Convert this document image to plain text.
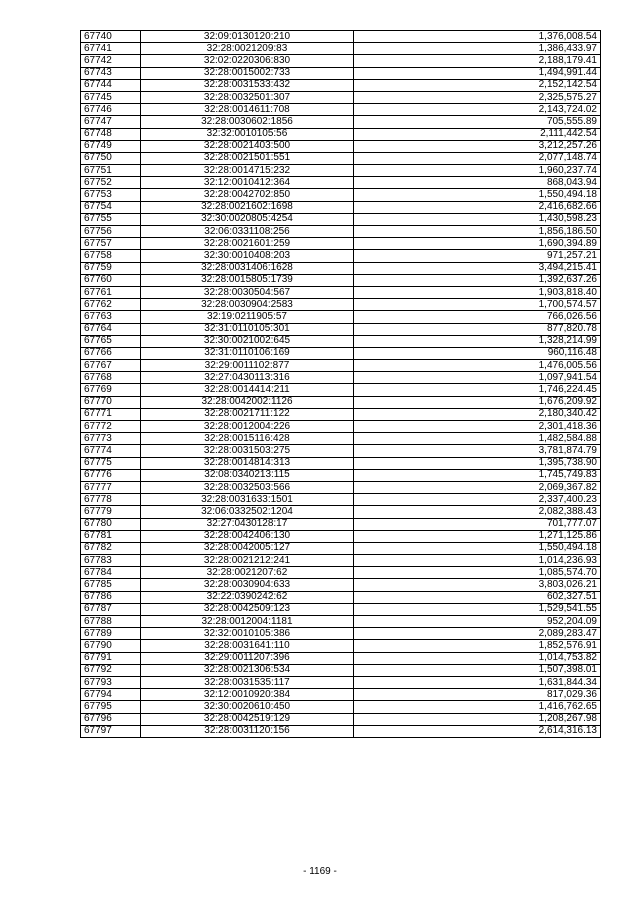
67740	32:09:0130120:210	1,376,008.54
67741	32:28:0021209:83	1,386,433.97
67742	32:02:0220306:830	2,188,179.41
67743	32:28:0015002:733	1,494,991.44
67744	32:28:0031533:432	2,152,142.54
67745	32:28:0032501:307	2,325,575.27
67746	32:28:0014611:708	2,143,724.02
67747	32:28:0030602:1856	705,555.89
67748	32:32:0010105:56	2,111,442.54
67749	32:28:0021403:500	3,212,257.26
67750	32:28:0021501:551	2,077,148.74
67751	32:28:0014715:232	1,960,237.74
67752	32:12:0010412:364	868,043.94
67753	32:28:0042702:850	1,550,494.18
67754	32:28:0021602:1698	2,416,682.66
67755	32:30:0020805:4254	1,430,598.23
67756	32:06:0331108:256	1,856,186.50
67757	32:28:0021601:259	1,690,394.89
67758	32:30:0010408:203	971,257.21
67759	32:28:0031406:1628	3,494,215.41
67760	32:28:0015805:1739	1,392,637.26
67761	32:28:0030504:567	1,903,818.40
67762	32:28:0030904:2583	1,700,574.57
67763	32:19:0211905:57	766,026.56
67764	32:31:0110105:301	877,820.78
67765	32:30:0021002:645	1,328,214.99
67766	32:31:0110106:169	960,116.48
67767	32:29:0011102:877	1,476,005.56
67768	32:27:0430113:316	1,097,941.54
67769	32:28:0014414:211	1,746,224.45
67770	32:28:0042002:1126	1,676,209.92
67771	32:28:0021711:122	2,180,340.42
67772	32:28:0012004:226	2,301,418.36
67773	32:28:0015116:428	1,482,584.88
67774	32:28:0031503:275	3,781,874.79
67775	32:28:0014814:313	1,395,738.90
67776	32:08:0340213:115	1,745,749.83
67777	32:28:0032503:566	2,069,367.82
67778	32:28:0031633:1501	2,337,400.23
67779	32:06:0332502:1204	2,082,388.43
67780	32:27:0430128:17	701,777.07
67781	32:28:0042406:130	1,271,125.86
67782	32:28:0042005:127	1,550,494.18
67783	32:28:0021212:241	1,014,236.93
67784	32:28:0021207:62	1,085,574.70
67785	32:28:0030904:633	3,803,026.21
67786	32:22:0390242:62	602,327.51
67787	32:28:0042509:123	1,529,541.55
67788	32:28:0012004:1181	952,204.09
67789	32:32:0010105:386	2,089,283.47
67790	32:28:0031641:110	1,852,576.91
67791	32:29:0011207:396	1,014,753.82
67792	32:28:0021306:534	1,507,398.01
67793	32:28:0031535:117	1,631,844.34
67794	32:12:0010920:384	817,029.36
67795	32:30:0020610:450	1,416,762.65
67796	32:28:0042519:129	1,208,267.98
67797	32:28:0031120:156	2,614,316.13
- 1169 -
